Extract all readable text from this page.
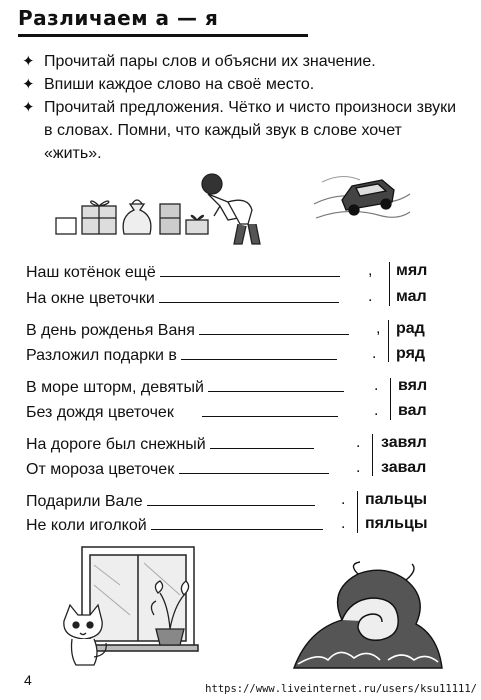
Различаем а — я
✦ Прочитай пары слов и объясни их значение.
✦ Впиши каждое слово на своё место.
✦ Прочитай предложения. Чётко и чисто произноси звуки в словах. Помни, что каждый звук в слове хочет «жить».
Наш котёнок ещё	,
На окне цветочки	.
мял
мал
В день рожденья Ваня	,
Разложил подарки в	.
рад
ряд
В море шторм, девятый	.
Без дождя цветочек	.
вял
вал
На дороге был снежный	.
От мороза цветочек	.
завял
завал
Подарили Вале	.
Не коли иголкой	.
пальцы
пяльцы
4
https://www.liveinternet.ru/users/ksu11111/
